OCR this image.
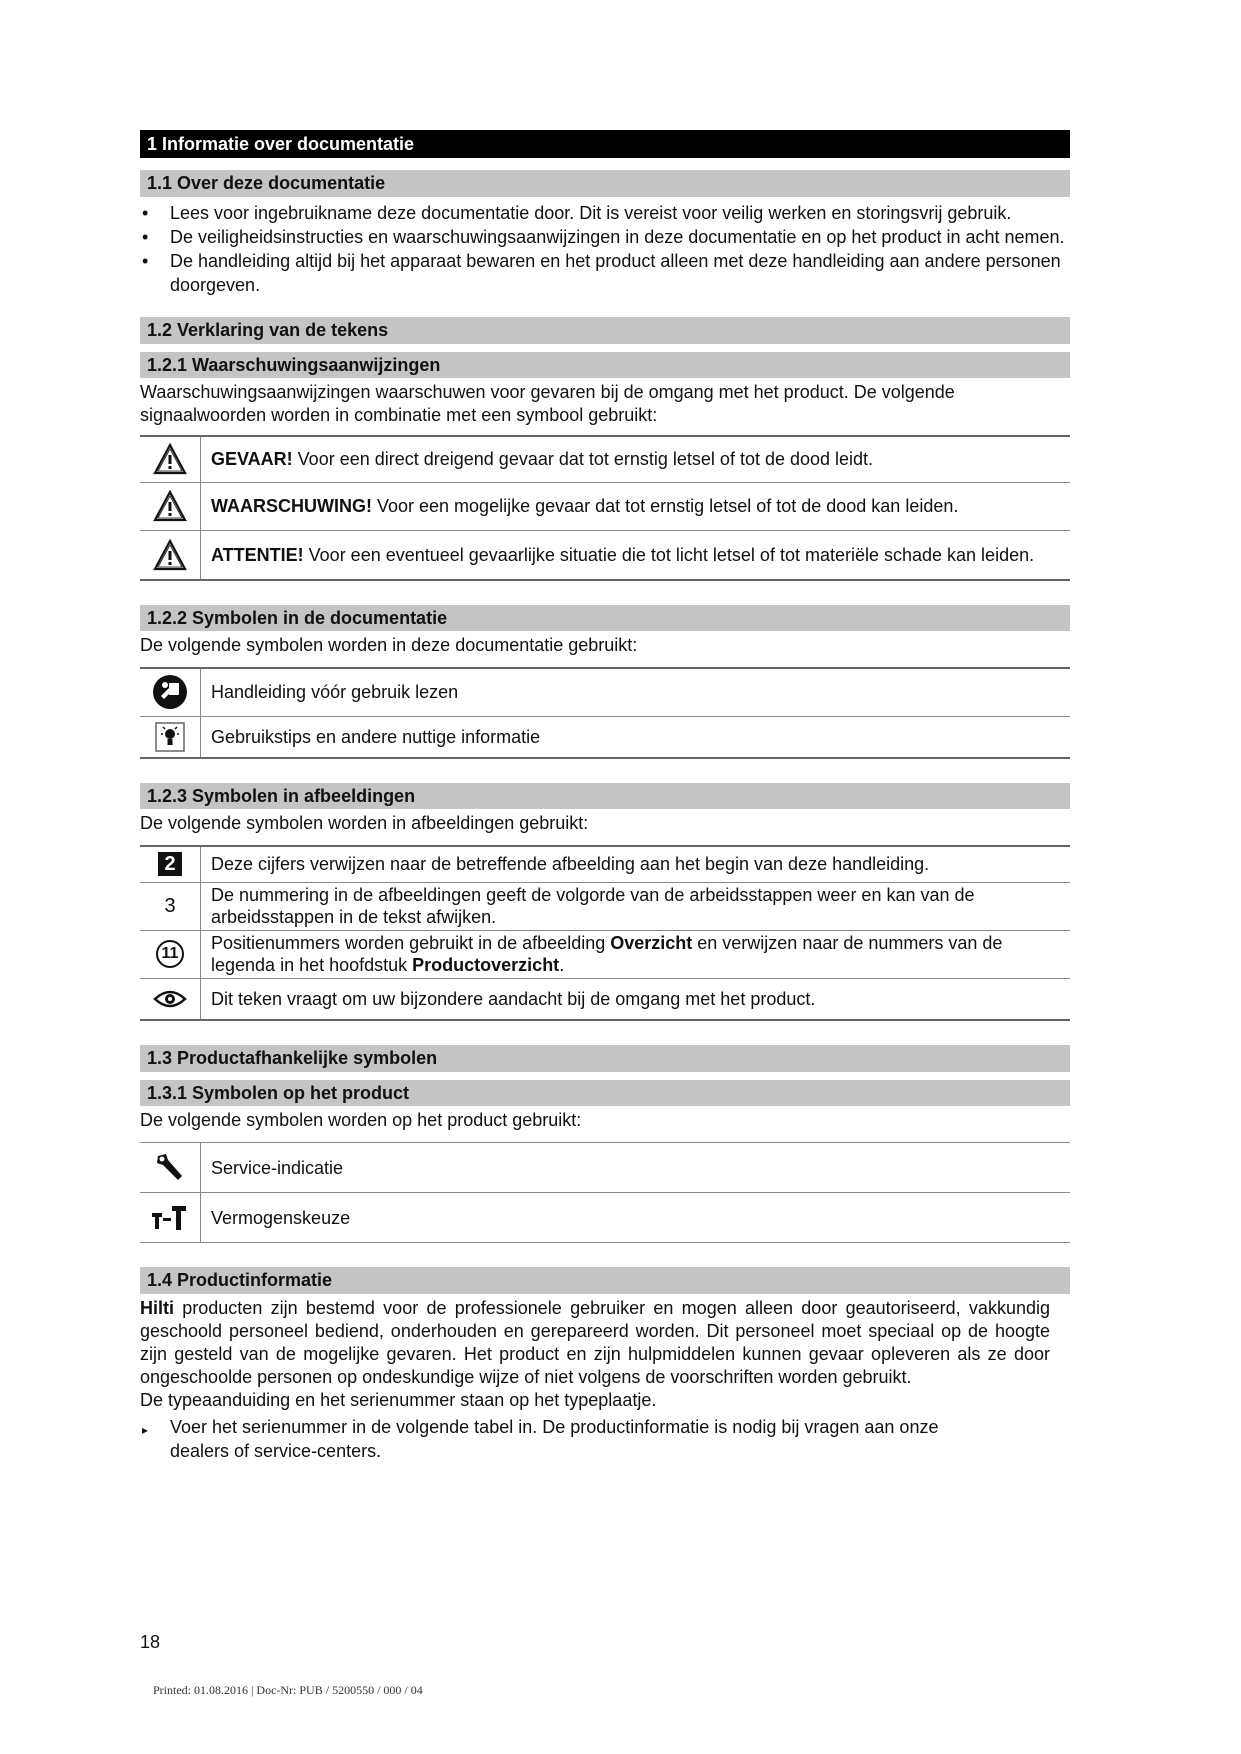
1 Informatie over documentatie
1.1 Over deze documentatie
• Lees voor ingebruikname deze documentatie door. Dit is vereist voor veilig werken en storingsvrij gebruik.
• De veiligheidsinstructies en waarschuwingsaanwijzingen in deze documentatie en op het product in acht nemen.
• De handleiding altijd bij het apparaat bewaren en het product alleen met deze handleiding aan andere personen doorgeven.
1.2 Verklaring van de tekens
1.2.1 Waarschuwingsaanwijzingen
Waarschuwingsaanwijzingen waarschuwen voor gevaren bij de omgang met het product. De volgende signaalwoorden worden in combinatie met een symbool gebruikt:
	GEVAAR! Voor een direct dreigend gevaar dat tot ernstig letsel of tot de dood leidt.

	WAARSCHUWING! Voor een mogelijke gevaar dat tot ernstig letsel of tot de dood kan leiden.

	ATTENTIE! Voor een eventueel gevaarlijke situatie die tot licht letsel of tot materiële schade kan leiden.
1.2.2 Symbolen in de documentatie
De volgende symbolen worden in deze documentatie gebruikt:
	Handleiding vóór gebruik lezen

	Gebruikstips en andere nuttige informatie
1.2.3 Symbolen in afbeeldingen
De volgende symbolen worden in afbeeldingen gebruikt:
2	Deze cijfers verwijzen naar de betreffende afbeelding aan het begin van deze handleiding.
3	De nummering in de afbeeldingen geeft de volgorde van de arbeidsstappen weer en kan van de arbeidsstappen in de tekst afwijken.
11	Positienummers worden gebruikt in de afbeelding Overzicht en verwijzen naar de nummers van de legenda in het hoofdstuk Productoverzicht.

	Dit teken vraagt om uw bijzondere aandacht bij de omgang met het product.
1.3 Productafhankelijke symbolen
1.3.1 Symbolen op het product
De volgende symbolen worden op het product gebruikt:
	Service-indicatie

	Vermogenskeuze
1.4 Productinformatie
Hilti producten zijn bestemd voor de professionele gebruiker en mogen alleen door geautoriseerd, vakkundig geschoold personeel bediend, onderhouden en gerepareerd worden. Dit personeel moet speciaal op de hoogte zijn gesteld van de mogelijke gevaren. Het product en zijn hulpmiddelen kunnen gevaar opleveren als ze door ongeschoolde personen op ondeskundige wijze of niet volgens de voorschriften worden gebruikt.
De typeaanduiding en het serienummer staan op het typeplaatje.
▸ Voer het serienummer in de volgende tabel in. De productinformatie is nodig bij vragen aan onze dealers of service-centers.
18
Printed: 01.08.2016 | Doc-Nr: PUB / 5200550 / 000 / 04
